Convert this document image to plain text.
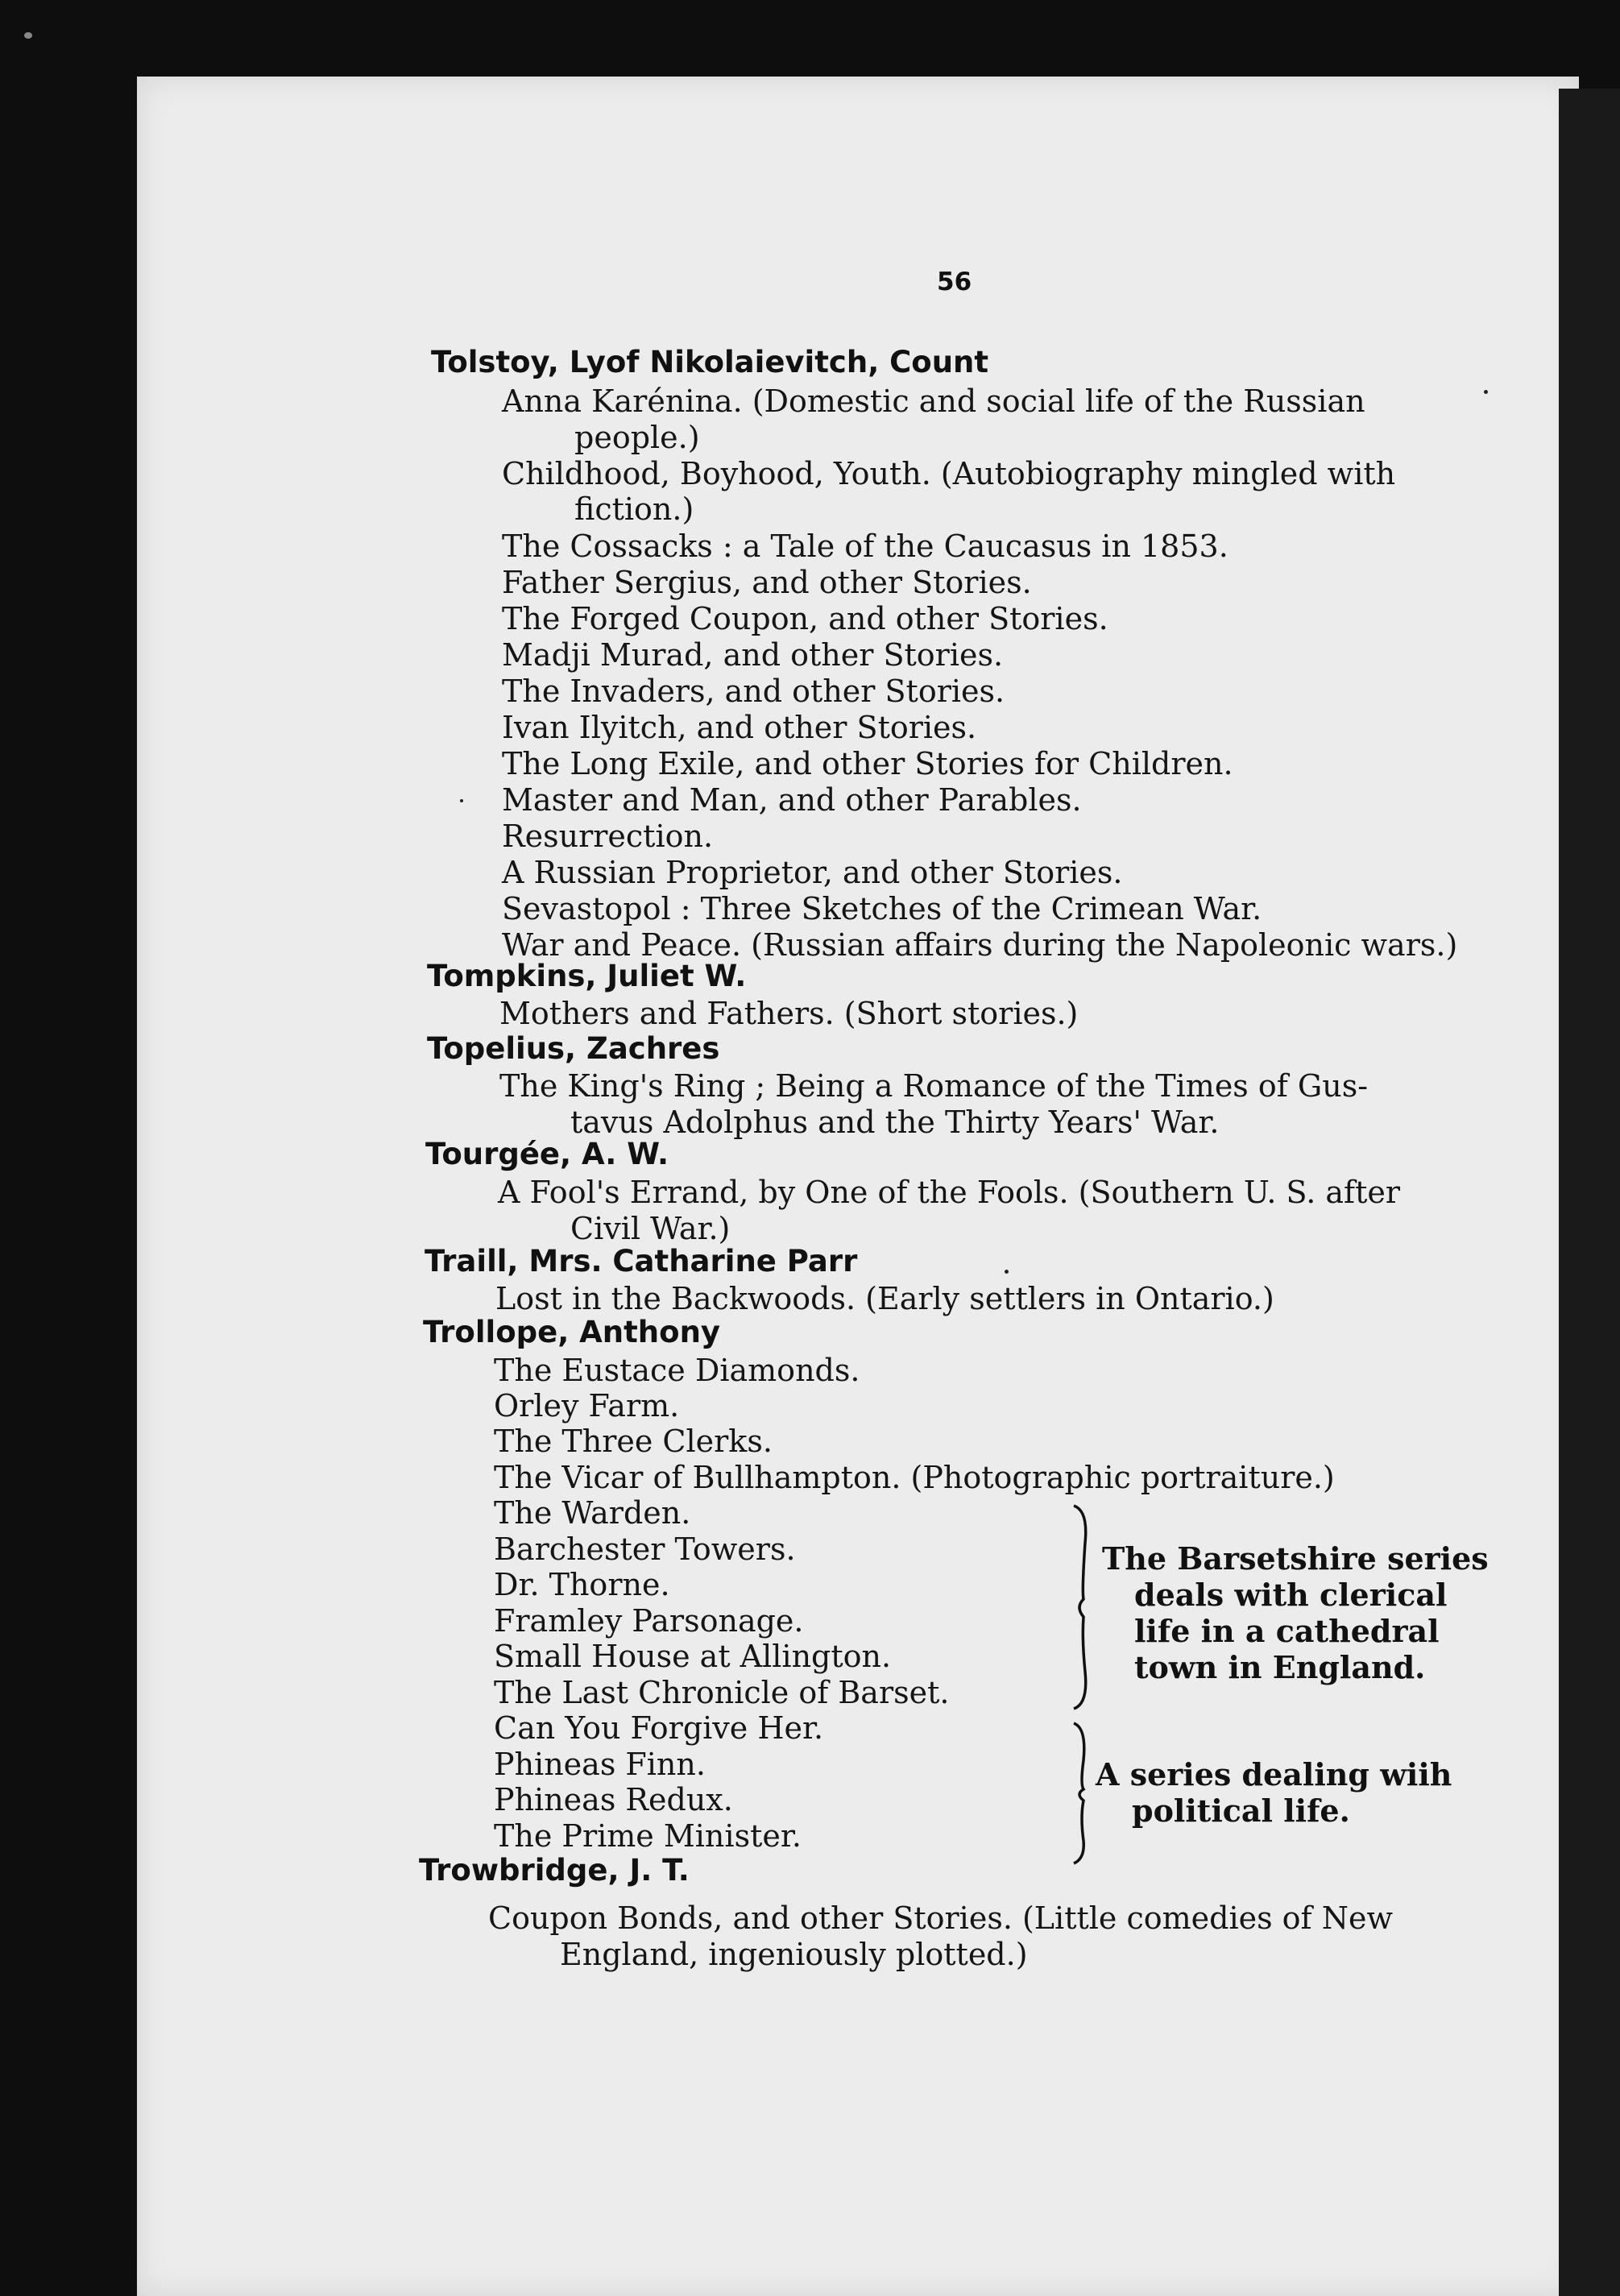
56
Tolstoy, Lyof Nikolaievitch, Count
Anna Karénina. (Domestic and social life of the Russian
people.)
Childhood, Boyhood, Youth. (Autobiography mingled with
fiction.)
The Cossacks : a Tale of the Caucasus in 1853.
Father Sergius, and other Stories.
The Forged Coupon, and other Stories.
Madji Murad, and other Stories.
The Invaders, and other Stories.
Ivan Ilyitch, and other Stories.
The Long Exile, and other Stories for Children.
Master and Man, and other Parables.
Resurrection.
A Russian Proprietor, and other Stories.
Sevastopol : Three Sketches of the Crimean War.
War and Peace. (Russian affairs during the Napoleonic wars.)
Tompkins, Juliet W.
Mothers and Fathers. (Short stories.)
Topelius, Zachres
The King's Ring ; Being a Romance of the Times of Gus-
tavus Adolphus and the Thirty Years' War.
Tourgée, A. W.
A Fool's Errand, by One of the Fools. (Southern U. S. after
Civil War.)
Traill, Mrs. Catharine Parr
Lost in the Backwoods. (Early settlers in Ontario.)
Trollope, Anthony
The Eustace Diamonds.
Orley Farm.
The Three Clerks.
The Vicar of Bullhampton. (Photographic portraiture.)
The Warden.
Barchester Towers.
Dr. Thorne.
Framley Parsonage.
Small House at Allington.
The Last Chronicle of Barset.
Can You Forgive Her.
Phineas Finn.
Phineas Redux.
The Prime Minister.
The Barsetshire series
deals with clerical
life in a cathedral
town in England.
A series dealing wiih
political life.
Trowbridge, J. T.
Coupon Bonds, and other Stories. (Little comedies of New
England, ingeniously plotted.)
